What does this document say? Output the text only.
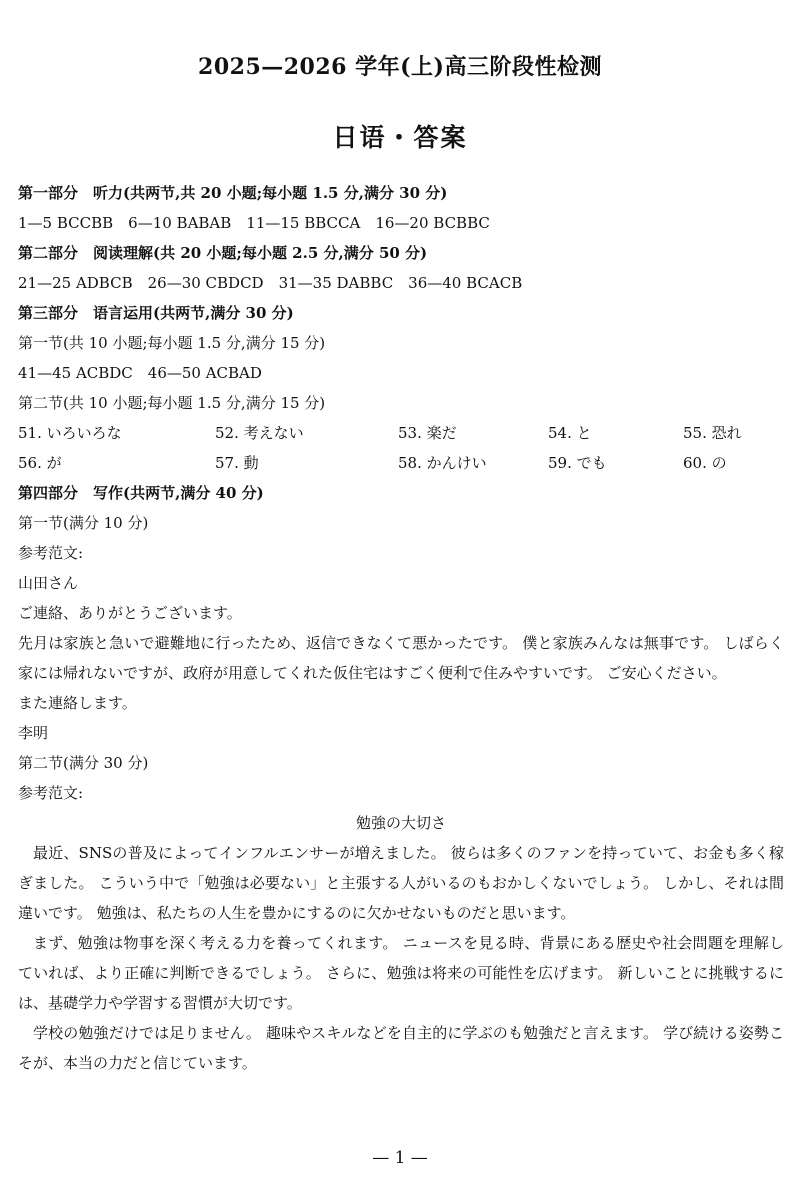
2025—2026 学年(上)高三阶段性检测
日语・答案

第一部分　听力(共两节,共 20 小题;每小题 1.5 分,满分 30 分)

1—5 BCCBB　6—10 BABAB　11—15 BBCCA　16—20 BCBBC

第二部分　阅读理解(共 20 小题;每小题 2.5 分,满分 50 分)

21—25 ADBCB　26—30 CBDCD　31—35 DABBC　36—40 BCACB

第三部分　语言运用(共两节,满分 30 分)

第一节(共 10 小题;每小题 1.5 分,满分 15 分)

41—45 ACBDC　46—50 ACBAD

第二节(共 10 小题;每小题 1.5 分,满分 15 分)

51. いろいろな	52. 考えない	53. 楽だ	54. と	55. 恐れ
56. が	57. 動	58. かんけい	59. でも	60. の

第四部分　写作(共两节,满分 40 分)

第一节(满分 10 分)

参考范文:

山田さん

ご連絡、ありがとうございます。

先月は家族と急いで避難地に行ったため、返信できなくて悪かったです。 僕と家族みんなは無事です。 しばらく家には帰れないですが、政府が用意してくれた仮住宅はすごく便利で住みやすいです。 ご安心ください。

また連絡します。

李明

第二节(满分 30 分)

参考范文:

勉強の大切さ

最近、SNSの普及によってインフルエンサーが増えました。 彼らは多くのファンを持っていて、お金も多く稼ぎました。 こういう中で「勉強は必要ない」と主張する人がいるのもおかしくないでしょう。 しかし、それは間違いです。 勉強は、私たちの人生を豊かにするのに欠かせないものだと思います。

まず、勉強は物事を深く考える力を養ってくれます。 ニュースを見る時、背景にある歴史や社会問題を理解していれば、より正確に判断できるでしょう。 さらに、勉強は将来の可能性を広げます。 新しいことに挑戦するには、基礎学力や学習する習慣が大切です。

学校の勉強だけでは足りません。 趣味やスキルなどを自主的に学ぶのも勉強だと言えます。 学び続ける姿勢こそが、本当の力だと信じています。

— 1 —
